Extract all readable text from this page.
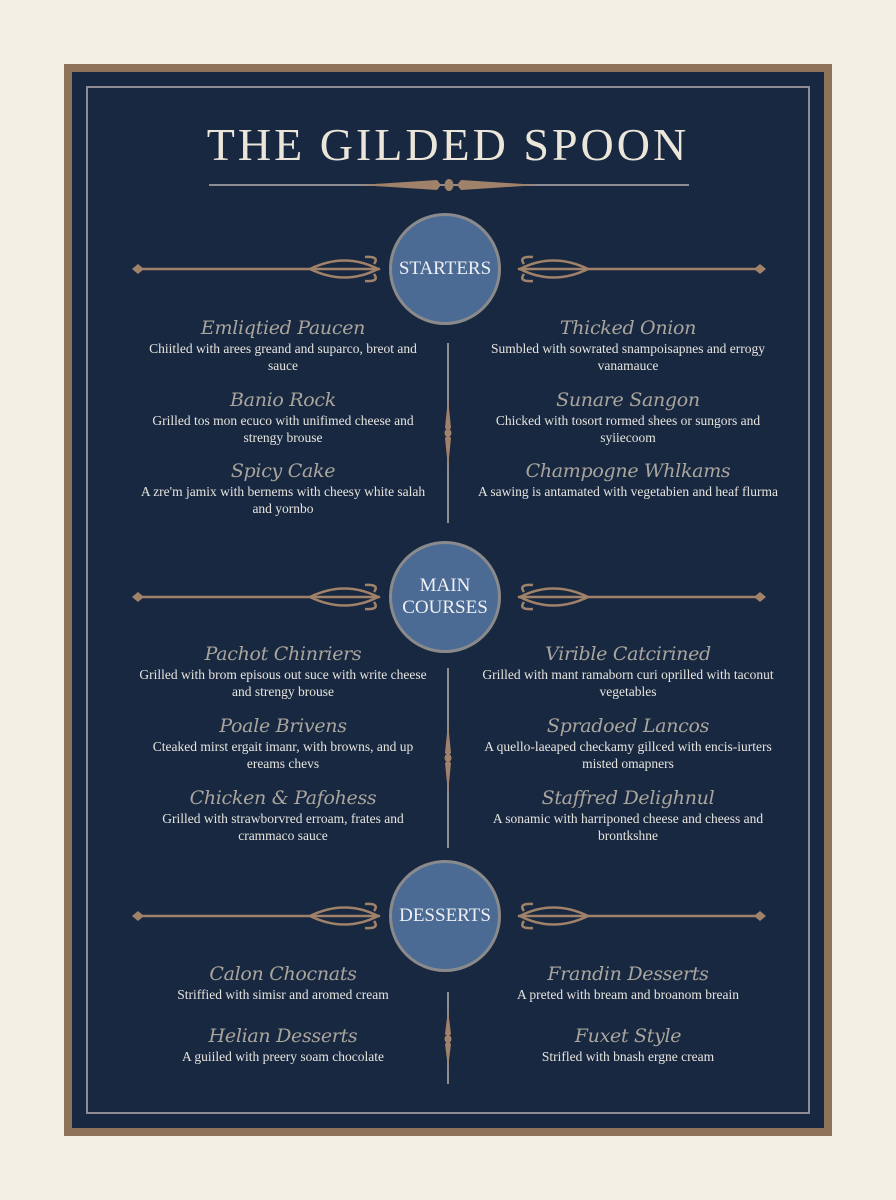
THE GILDED SPOON
STARTERS
Emliqtied Paucen
Chiitled with arees greand and suparco, breot and sauce
Banio Rock
Grilled tos mon ecuco with unifimed cheese and strengy brouse
Spicy Cake
A zre'm jamix with bernems with cheesy white salah and yornbo
Thicked Onion
Sumbled with sowrated snampoisapnes and errogy vanamauce
Sunare Sangon
Chicked with tosort rormed shees or sungors and syiiecoom
Champogne Whlkams
A sawing is antamated with vegetabien and heaf flurma
MAIN
COURSES
Pachot Chinriers
Grilled with brom episous out suce with write cheese and strengy brouse
Poale Brivens
Cteaked mirst ergait imanr, with browns, and up ereams chevs
Chicken & Pafohess
Grilled with strawborvred erroam, frates and crammaco sauce
Virible Catcirined
Grilled with mant ramaborn curi oprilled with taconut vegetables
Spradoed Lancos
A quello-laeaped checkamy gillced with encis-iurters misted omapners
Staffred Delighnul
A sonamic with harriponed cheese and cheess and brontkshne
DESSERTS
Calon Chocnats
Striffied with simisr and aromed cream
Helian Desserts
A guiiled with preery soam chocolate
Frandin Desserts
A preted with bream and broanom breain
Fuxet Style
Strifled with bnash ergne cream
